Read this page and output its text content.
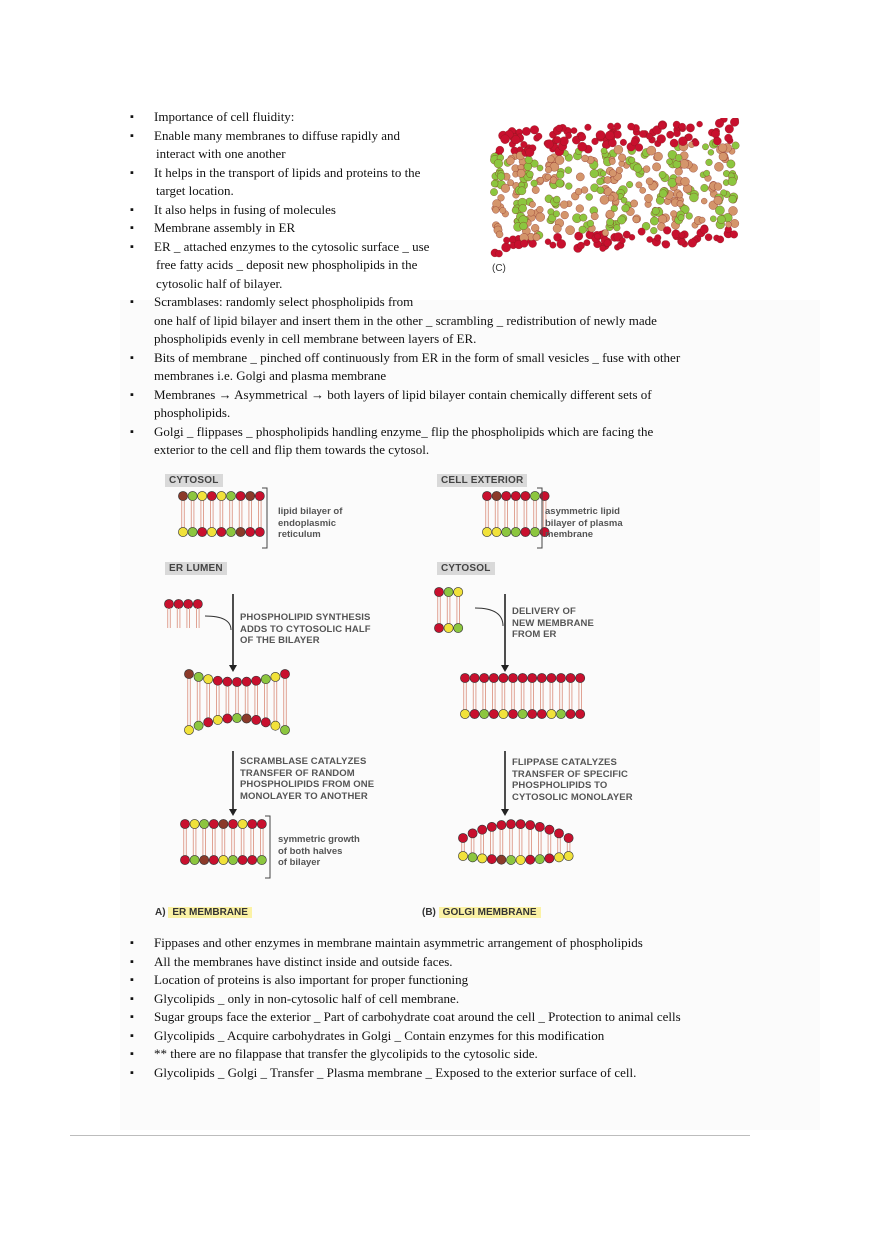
▪ Importance of cell fluidity:
▪ Enable many membranes to diffuse rapidly and
interact with one another
▪ It helps in the transport of lipids and proteins to the
target location.
▪ It also helps in fusing of molecules
▪ Membrane assembly in ER
▪ ER _ attached enzymes to the cytosolic surface _ use
free fatty acids _ deposit new phospholipids in the
cytosolic half of bilayer.
▪ Scramblases: randomly select phospholipids from
one half of lipid bilayer and insert them in the other _ scrambling _ redistribution of newly made
phospholipids evenly in cell membrane between layers of ER.
▪ Bits of membrane _ pinched off continuously from ER in the form of small vesicles _ fuse with other
membranes i.e. Golgi and plasma membrane
▪ Membranes → Asymmetrical → both layers of lipid bilayer contain chemically different sets of
phospholipids.
▪ Golgi _ flippases _ phospholipids handling enzyme_ flip the phospholipids which are facing the
exterior to the cell and flip them towards the cytosol.
(C)
CYTOSOL
ER LUMEN
lipid bilayer of
endoplasmic
reticulum
PHOSPHOLIPID SYNTHESIS
ADDS TO CYTOSOLIC HALF
OF THE BILAYER
SCRAMBLASE CATALYZES
TRANSFER OF RANDOM
PHOSPHOLIPIDS FROM ONE
MONOLAYER TO ANOTHER
symmetric growth
of both halves
of bilayer
A) ER MEMBRANE
CELL EXTERIOR
CYTOSOL
asymmetric lipid
bilayer of plasma
membrane
DELIVERY OF
NEW MEMBRANE
FROM ER
FLIPPASE CATALYZES
TRANSFER OF SPECIFIC
PHOSPHOLIPIDS TO
CYTOSOLIC MONOLAYER
(B) GOLGI MEMBRANE
▪ Fippases and other enzymes in membrane maintain asymmetric arrangement of phospholipids
▪ All the membranes have distinct inside and outside faces.
▪ Location of proteins is also important for proper functioning
▪ Glycolipids _ only in non-cytosolic half of cell membrane.
▪ Sugar groups face the exterior _ Part of carbohydrate coat around the cell _ Protection to animal cells
▪ Glycolipids _ Acquire carbohydrates in Golgi _ Contain enzymes for this modification
▪ ** there are no filappase that transfer the glycolipids to the cytosolic side.
▪ Glycolipids _ Golgi _ Transfer _ Plasma membrane _ Exposed to the exterior surface of cell.
